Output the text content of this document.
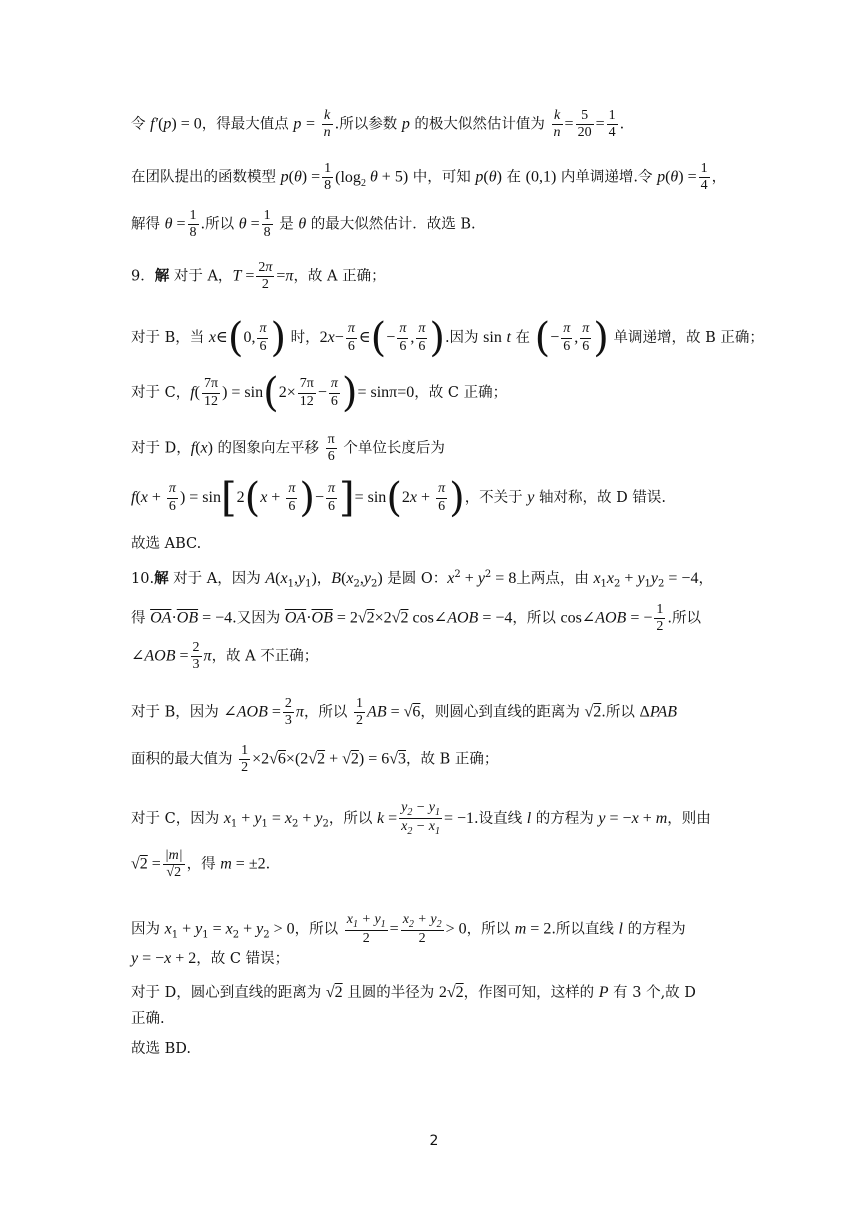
令 f′(p) = 0，得最大值点 $p = \frac{k}{n}$ .所以参数 p 的极大似然估计值为 $\frac{k}{n} = \frac{5}{20} = \frac{1}{4}$ .
在团队提出的函数模型 $p(\theta) = \frac{1}{8} (\log_2$ θ + 5) 中，可知 p(θ) 在 (0,1) 内单调递增.令 $p(\theta) = \frac{1}{4}$ ，
解得 $\theta = \frac{1}{8}$ .所以 $\theta = \frac{1}{8}$ 是 θ 的最大似然估计．故选 B.
9．解 对于 A，$T = \frac{2\pi}{2} =\pi$，故 A 正确；
对于 B，当 x∈(0, $\frac{\pi}{6}$ ) 时，$2x- \frac{\pi}{6}$ ∈(− $\frac{\pi}{6}$ , $\frac{\pi}{6}$ ).因为 sin t 在 (− $\frac{\pi}{6}$ , $\frac{\pi}{6}$ ) 单调递增，故 B 正确；
对于 C，$f( \frac{7\pi}{12}$ ) = $\sin(2\times \frac{7\pi}{12} - \frac{\pi}{6}$ )= sinπ=0，故 C 正确；
对于 D，f(x) 的图象向左平移 $\frac{\pi}{6}$ 个单位长度后为
$f(x + \frac{\pi}{6}$ ) = $\sin[2(x + \frac{\pi}{6}$ )− $\frac{\pi}{6}$ ]= $\sin(2x + \frac{\pi}{6}$ )，不关于 y 轴对称，故 D 错误.
故选 ABC.
10.解 对于 A，因为 $A(x_1,y_1)$，$B(x_2,y_2)$ 是圆 O：$x^2 + y^2 = 8$上两点，由 $x_1x_2 + y_1y_2 = -4$，
得 $\overline{OA}\cdot\overline{OB} = -4$.又因为 $\overline{OA}\cdot\overline{OB} = 2√2\times 2√2$ cos∠AOB = −4，所以 cos∠AOB = − $\frac{1}{2}$ .所以
∠AOB = $\frac{2}{3}$ π，故 A 不正确；
对于 B，因为 ∠AOB = $\frac{2}{3}$ π，所以 $\frac{1}{2}$ AB = √6，则圆心到直线的距离为 √2.所以 ΔPAB
面积的最大值为 $\frac{1}{2} \times 2√6\times(2√2 + √2) = 6√3$，故 B 正确；
对于 C，因为 $x_1 + y_1 = x_2 + y_2$，所以 $k = \frac{y_2 - y_1}{x_2 - x_1} = -1$.设直线 l 的方程为 y = −x + m，则由
$√2 = \frac{|m|}{√2}$ ，得 m = ±2.
因为 $x_1 + y_1 = x_2 + y_2 > 0$，所以 $\frac{x_1 + y_1}{2} = \frac{x_2 + y_2}{2} > 0$，所以 m = 2.所以直线 l 的方程为
y = −x + 2，故 C 错误；
对于 D，圆心到直线的距离为 √2 且圆的半径为 2√2，作图可知，这样的 P 有 3 个,故 D
正确.
故选 BD.
2
